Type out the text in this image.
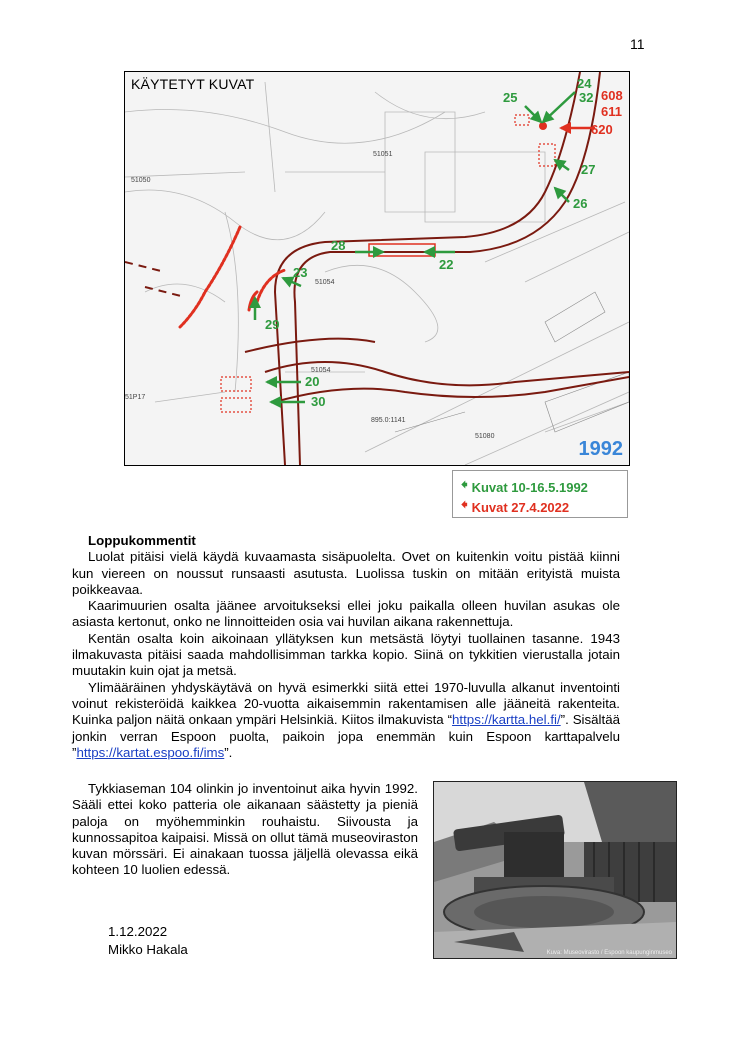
11
51051
51050
51054
51054
51080
51P17
895.0:1141
24
32
25
27
26
28
22
23
29
20
30
608
611
620
KÄYTETYT KUVAT
1992
🠸 Kuvat 10-16.5.1992
🠸 Kuvat 27.4.2022

Loppukommentit

Luolat pitäisi vielä käydä kuvaamasta sisäpuolelta. Ovet on kuitenkin voitu pistää kiinni kun viereen on noussut runsaasti asutusta. Luolissa tuskin on mitään erityistä muista poikkeavaa.

Kaarimuurien osalta jäänee arvoitukseksi ellei joku paikalla olleen huvilan asukas ole asiasta kertonut, onko ne linnoitteiden osia vai huvilan aikana rakennettuja.

Kentän osalta koin aikoinaan yllätyksen kun metsästä löytyi tuollainen tasanne. 1943 ilmakuvasta pitäisi saada mahdollisimman tarkka kopio. Siinä on tykkitien vierustalla jotain muutakin kuin ojat ja metsä.

Ylimääräinen yhdyskäytävä on hyvä esimerkki siitä ettei 1970-luvulla alkanut inventointi voinut rekisteröidä kaikkea 20-vuotta aikaisemmin rakentamisen alle jääneitä rakenteita. Kuinka paljon näitä onkaan ympäri Helsinkiä. Kiitos ilmakuvista “https://kartta.hel.fi/”. Sisältää jonkin verran Espoon puolta, paikoin jopa enemmän kuin Espoon karttapalvelu ”https://kartat.espoo.fi/ims”.

Tykkiaseman 104 olinkin jo inventoinut aika hyvin 1992. Sääli ettei koko patteria ole aikanaan säästetty ja pieniä paloja on myöhemminkin rouhaistu. Siivousta ja kunnossapitoa kaipaisi. Missä on ollut tämä museoviraston kuvan mörssäri. Ei ainakaan tuossa jäljellä olevassa eikä kohteen 10 luolien edessä.

Kuva: Museovirasto / Espoon kaupunginmuseo
1.12.2022
Mikko Hakala
